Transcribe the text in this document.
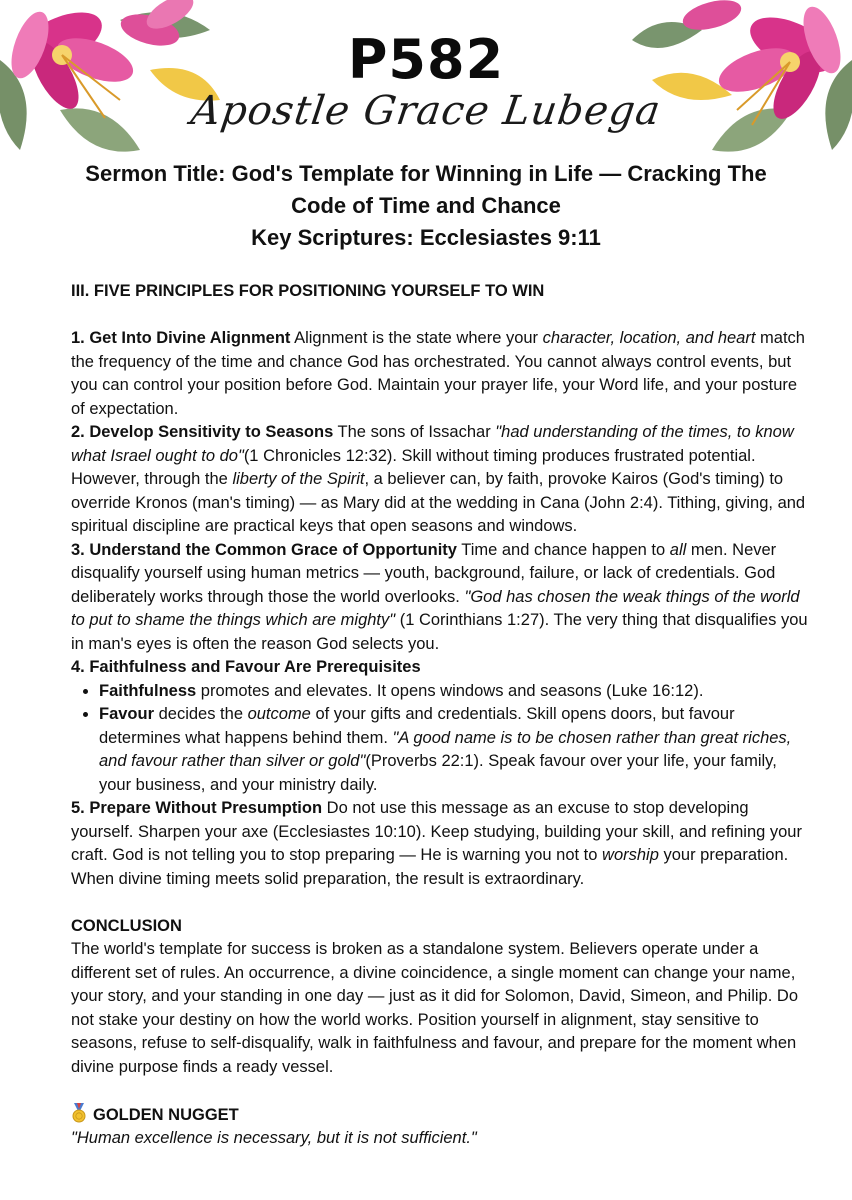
P582
Apostle Grace Lubega
Sermon Title: God's Template for Winning in Life — Cracking The
Code of Time and Chance
Key Scriptures: Ecclesiastes 9:11

III. FIVE PRINCIPLES FOR POSITIONING YOURSELF TO WIN

1. Get Into Divine Alignment Alignment is the state where your character, location, and heart match the frequency of the time and chance God has orchestrated. You cannot always control events, but you can control your position before God. Maintain your prayer life, your Word life, and your posture of expectation.

2. Develop Sensitivity to Seasons The sons of Issachar "had understanding of the times, to know what Israel ought to do"(1 Chronicles 12:32). Skill without timing produces frustrated potential. However, through the liberty of the Spirit, a believer can, by faith, provoke Kairos (God's timing) to override Kronos (man's timing) — as Mary did at the wedding in Cana (John 2:4). Tithing, giving, and spiritual discipline are practical keys that open seasons and windows.

3. Understand the Common Grace of Opportunity Time and chance happen to all men. Never disqualify yourself using human metrics — youth, background, failure, or lack of credentials. God deliberately works through those the world overlooks. "God has chosen the weak things of the world to put to shame the things which are mighty" (1 Corinthians 1:27). The very thing that disqualifies you in man's eyes is often the reason God selects you.

4. Faithfulness and Favour Are Prerequisites

• Faithfulness promotes and elevates. It opens windows and seasons (Luke 16:12).
• Favour decides the outcome of your gifts and credentials. Skill opens doors, but favour determines what happens behind them. "A good name is to be chosen rather than great riches, and favour rather than silver or gold"(Proverbs 22:1). Speak favour over your life, your family, your business, and your ministry daily.

5. Prepare Without Presumption Do not use this message as an excuse to stop developing yourself. Sharpen your axe (Ecclesiastes 10:10). Keep studying, building your skill, and refining your craft. God is not telling you to stop preparing — He is warning you not to worship your preparation. When divine timing meets solid preparation, the result is extraordinary.

CONCLUSION

The world's template for success is broken as a standalone system. Believers operate under a different set of rules. An occurrence, a divine coincidence, a single moment can change your name, your story, and your standing in one day — just as it did for Solomon, David, Simeon, and Philip. Do not stake your destiny on how the world works. Position yourself in alignment, stay sensitive to seasons, refuse to self-disqualify, walk in faithfulness and favour, and prepare for the moment when divine purpose finds a ready vessel.

GOLDEN NUGGET

"Human excellence is necessary, but it is not sufficient."
